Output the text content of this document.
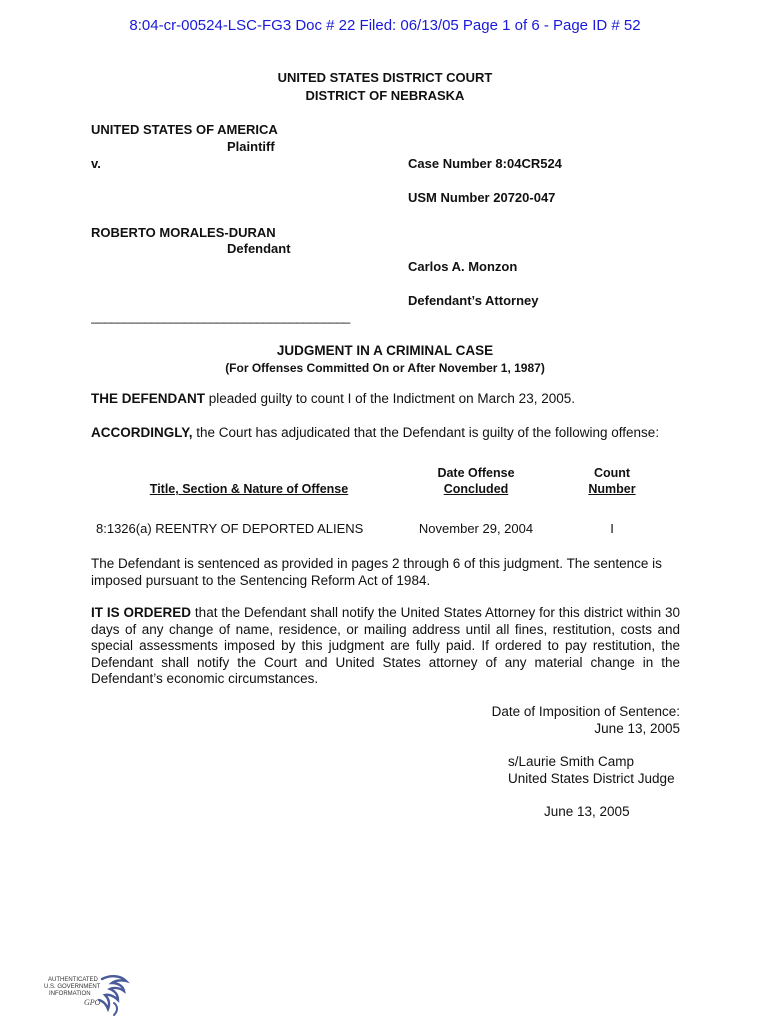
8:04-cr-00524-LSC-FG3 Doc # 22 Filed: 06/13/05 Page 1 of 6 - Page ID # 52
UNITED STATES DISTRICT COURT
DISTRICT OF NEBRASKA
UNITED STATES OF AMERICA
Plaintiff
v.
ROBERTO MORALES-DURAN
Defendant
Case Number 8:04CR524
USM Number 20720-047
Carlos A. Monzon
Defendant’s Attorney
_______________________________________
JUDGMENT IN A CRIMINAL CASE
(For Offenses Committed On or After November 1, 1987)
THE DEFENDANT pleaded guilty to count I of the Indictment on March 23, 2005.
ACCORDINGLY, the Court has adjudicated that the Defendant is guilty of the following offense:
Title, Section & Nature of Offense
Date Offense
Concluded
Count
Number
8:1326(a) REENTRY OF DEPORTED ALIENS	November 29, 2004	I
The Defendant is sentenced as provided in pages 2 through 6 of this judgment. The sentence is imposed pursuant to the Sentencing Reform Act of 1984.
IT IS ORDERED that the Defendant shall notify the United States Attorney for this district within 30 days of any change of name, residence, or mailing address until all fines, restitution, costs and special assessments imposed by this judgment are fully paid. If ordered to pay restitution, the Defendant shall notify the Court and United States attorney of any material change in the Defendant’s economic circumstances.
Date of Imposition of Sentence:
June 13, 2005
s/Laurie Smith Camp
United States District Judge
June 13, 2005
AUTHENTICATED
U.S. GOVERNMENT
INFORMATION
GPO
